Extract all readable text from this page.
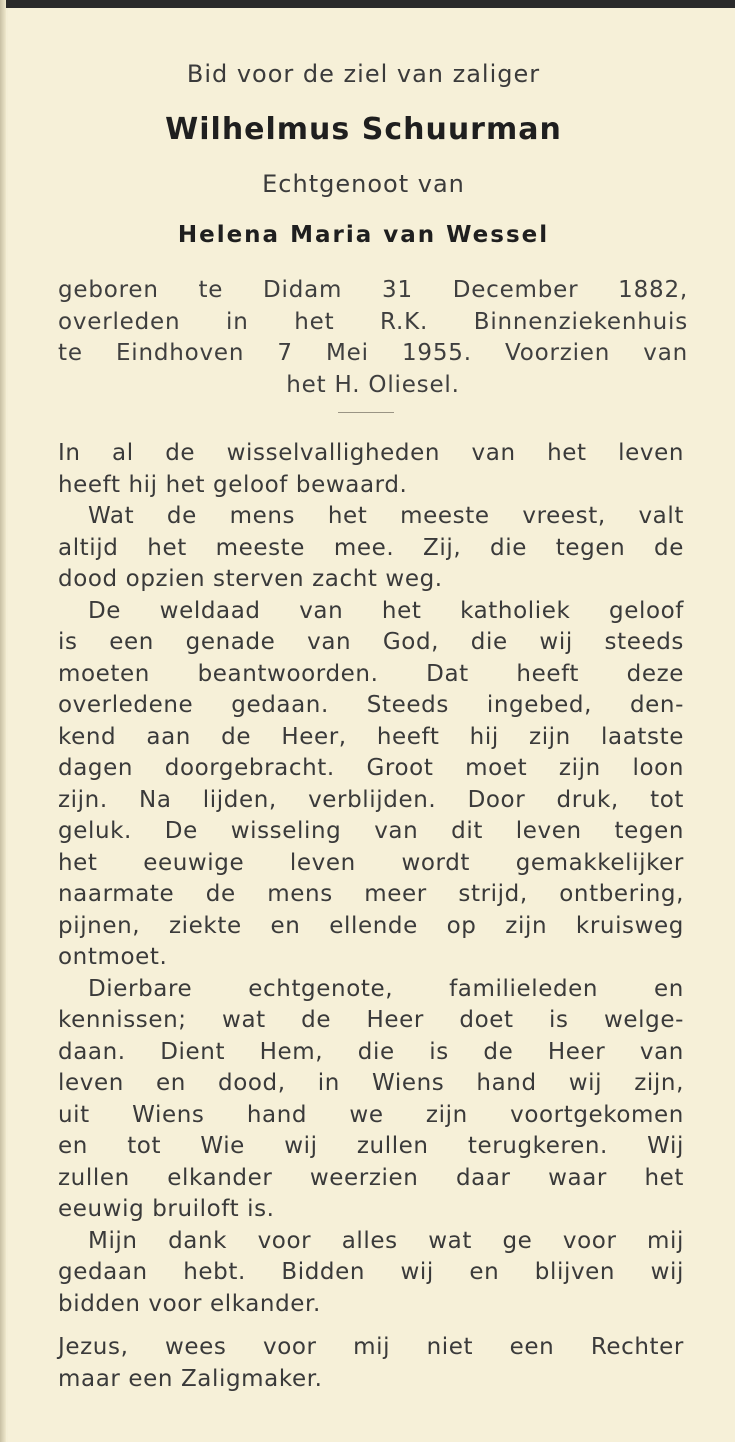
Bid voor de ziel van zaliger
Wilhelmus Schuurman
Echtgenoot van
Helena Maria van Wessel
geboren te Didam 31 December 1882,
overleden in het R.K. Binnenziekenhuis
te Eindhoven 7 Mei 1955. Voorzien van
het H. Oliesel.
In al de wisselvalligheden van het leven
heeft hij het geloof bewaard.
Wat de mens het meeste vreest, valt
altijd het meeste mee. Zij, die tegen de
dood opzien sterven zacht weg.
De weldaad van het katholiek geloof
is een genade van God, die wij steeds
moeten beantwoorden. Dat heeft deze
overledene gedaan. Steeds ingebed, den-
kend aan de Heer, heeft hij zijn laatste
dagen doorgebracht. Groot moet zijn loon
zijn. Na lijden, verblijden. Door druk, tot
geluk. De wisseling van dit leven tegen
het eeuwige leven wordt gemakkelijker
naarmate de mens meer strijd, ontbering,
pijnen, ziekte en ellende op zijn kruisweg
ontmoet.
Dierbare echtgenote, familieleden en
kennissen; wat de Heer doet is welge-
daan. Dient Hem, die is de Heer van
leven en dood, in Wiens hand wij zijn,
uit Wiens hand we zijn voortgekomen
en tot Wie wij zullen terugkeren. Wij
zullen elkander weerzien daar waar het
eeuwig bruiloft is.
Mijn dank voor alles wat ge voor mij
gedaan hebt. Bidden wij en blijven wij
bidden voor elkander.
Jezus, wees voor mij niet een Rechter
maar een Zaligmaker.
